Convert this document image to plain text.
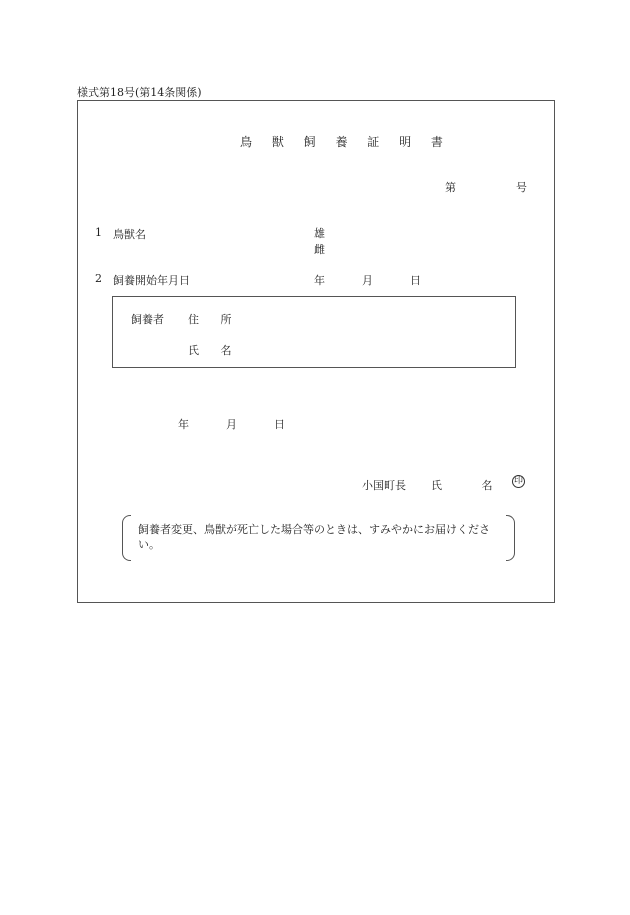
様式第18号(第14条関係)
鳥 獣 飼 養 証 明 書
第	号
1 鳥獣名	雄
雌
2 飼養開始年月日	年	月	日
飼養者 住 所
氏 名
年	月	日
小国町長 氏 名 印
飼養者変更、鳥獣が死亡した場合等のときは、すみやかにお届けください。
